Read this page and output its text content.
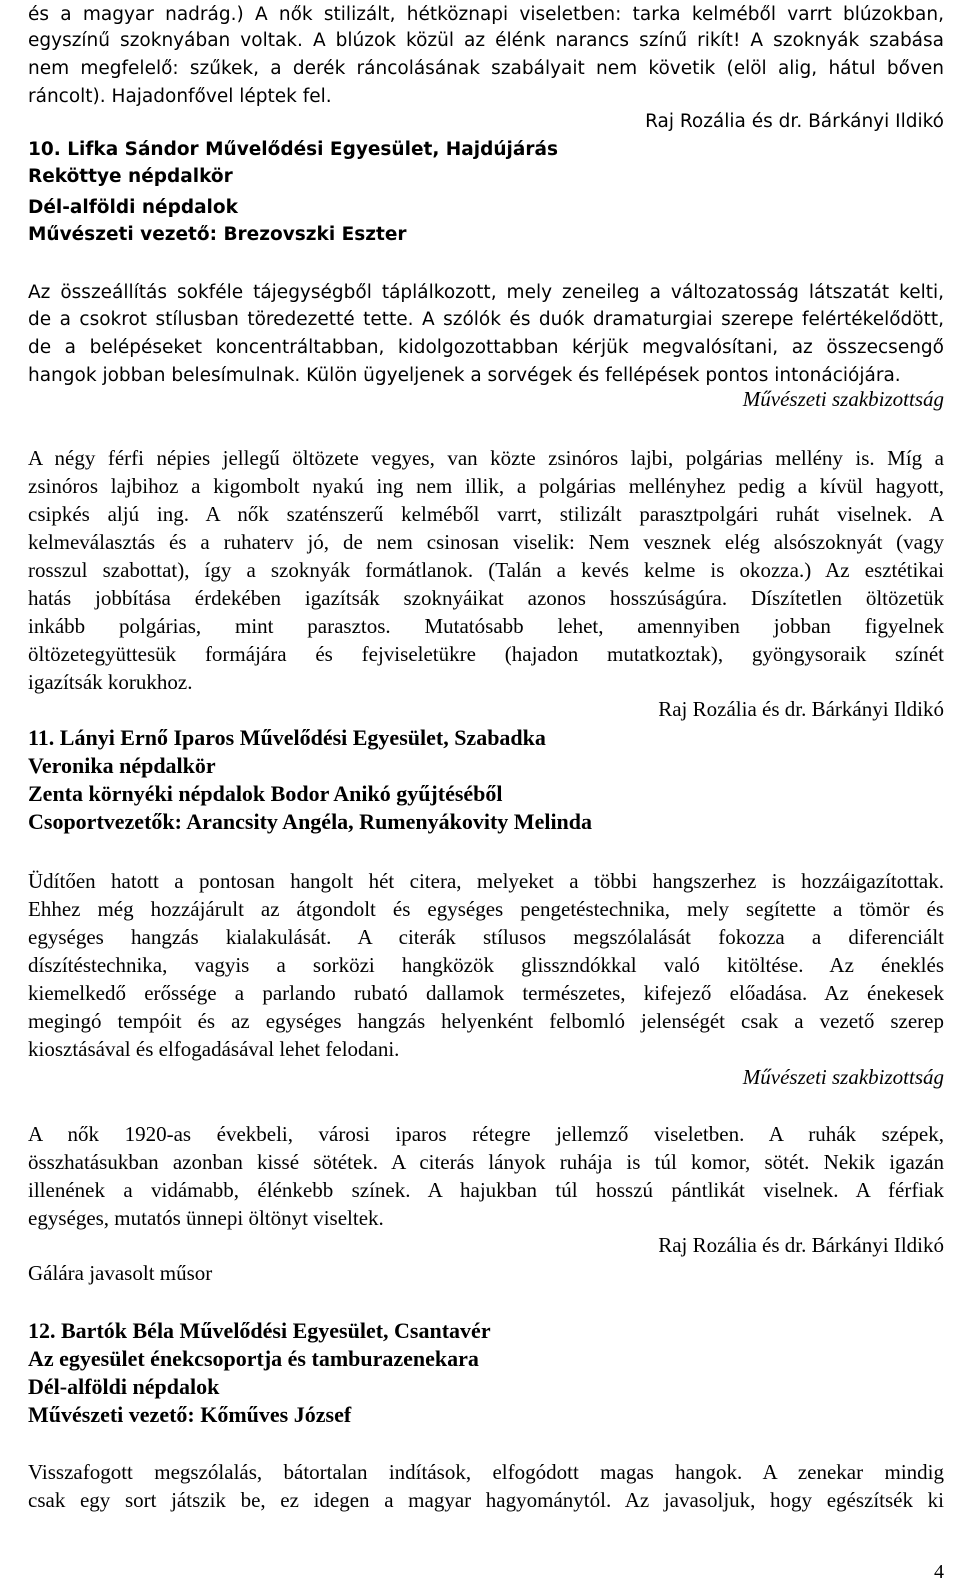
és a magyar nadrág.) A nők stilizált, hétköznapi viseletben: tarka kelméből varrt blúzokban,
egyszínű szoknyában voltak. A blúzok közül az élénk narancs színű rikít! A szoknyák szabása
nem megfelelő: szűkek, a derék ráncolásának szabályait nem követik (elöl alig, hátul bőven
ráncolt). Hajadonfővel léptek fel.
Raj Rozália és dr. Bárkányi Ildikó
10. Lifka Sándor Művelődési Egyesület, Hajdújárás
Reköttye népdalkör
Dél-alföldi népdalok
Művészeti vezető: Brezovszki Eszter
Az összeállítás sokféle tájegységből táplálkozott, mely zeneileg a változatosság látszatát kelti,
de a csokrot stílusban töredezetté tette. A szólók és duók dramaturgiai szerepe felértékelődött,
de a belépéseket koncentráltabban, kidolgozottabban kérjük megvalósítani, az összecsengő
hangok jobban belesímulnak. Külön ügyeljenek a sorvégek és fellépések pontos intonációjára.
Művészeti szakbizottság
A négy férfi népies jellegű öltözete vegyes, van közte zsinóros lajbi, polgárias mellény is. Míg a
zsinóros lajbihoz a kigombolt nyakú ing nem illik, a polgárias mellényhez pedig a kívül hagyott,
csipkés aljú ing. A nők szaténszerű kelméből varrt, stilizált parasztpolgári ruhát viselnek. A
kelmeválasztás és a ruhaterv jó, de nem csinosan viselik: Nem vesznek elég alsószoknyát (vagy
rosszul szabottat), így a szoknyák formátlanok. (Talán a kevés kelme is okozza.) Az esztétikai
hatás jobbítása érdekében igazítsák szoknyáikat azonos hosszúságúra. Díszítetlen öltözetük
inkább polgárias, mint parasztos. Mutatósabb lehet, amennyiben jobban figyelnek
öltözetegyüttesük formájára és fejviseletükre (hajadon mutatkoztak), gyöngysoraik színét
igazítsák korukhoz.
Raj Rozália és dr. Bárkányi Ildikó
11. Lányi Ernő Iparos Művelődési Egyesület, Szabadka
Veronika népdalkör
Zenta környéki népdalok Bodor Anikó gyűjtéséből
Csoportvezetők: Arancsity Angéla, Rumenyákovity Melinda
Üdítően hatott a pontosan hangolt hét citera, melyeket a többi hangszerhez is hozzáigazítottak.
Ehhez még hozzájárult az átgondolt és egységes pengetéstechnika, mely segítette a tömör és
egységes hangzás kialakulását. A citerák stílusos megszólalását fokozza a diferenciált
díszítéstechnika, vagyis a sorközi hangközök glisszndókkal való kitöltése. Az éneklés
kiemelkedő erőssége a parlando rubató dallamok természetes, kifejező előadása. Az énekesek
megingó tempóit és az egységes hangzás helyenként felbomló jelenségét csak a vezető szerep
kiosztásával és elfogadásával lehet felodani.
Művészeti szakbizottság
A nők 1920-as évekbeli, városi iparos rétegre jellemző viseletben. A ruhák szépek,
összhatásukban azonban kissé sötétek. A citerás lányok ruhája is túl komor, sötét. Nekik igazán
illenének a vidámabb, élénkebb színek. A hajukban túl hosszú pántlikát viselnek. A férfiak
egységes, mutatós ünnepi öltönyt viseltek.
Raj Rozália és dr. Bárkányi Ildikó
Gálára javasolt műsor
12. Bartók Béla Művelődési Egyesület, Csantavér
Az egyesület énekcsoportja és tamburazenekara
Dél-alföldi népdalok
Művészeti vezető: Kőműves József
Visszafogott megszólalás, bátortalan indítások, elfogódott magas hangok. A zenekar mindig
csak egy sort játszik be, ez idegen a magyar hagyománytól. Az javasoljuk, hogy egészítsék ki
4
